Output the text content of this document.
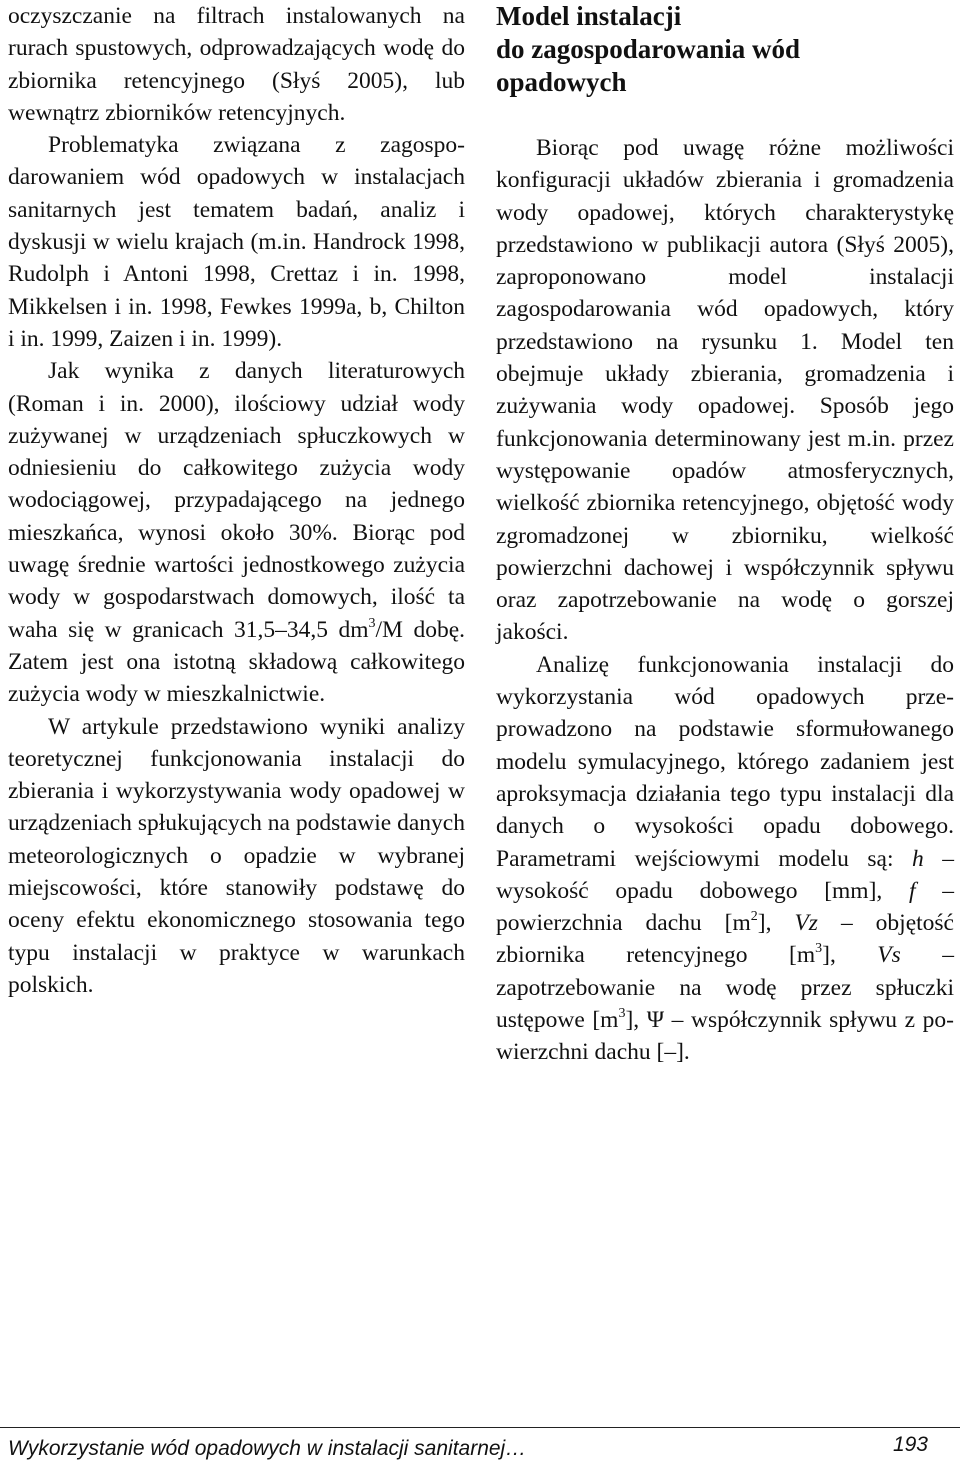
oczyszczanie na filtrach instalowanych na rurach spustowych, odprowadzających wodę do zbiornika retencyjnego (Słyś 2005), lub wewnątrz zbiorników retencyjnych.

Problematyka związana z zagospodarowaniem wód opadowych w instalacjach sanitarnych jest tematem badań, analiz i dyskusji w wielu krajach (m.in. Handrock 1998, Rudolph i Antoni 1998, Crettaz i in. 1998, Mikkelsen i in. 1998, Fewkes 1999a, b, Chilton i in. 1999, Zaizen i in. 1999).

Jak wynika z danych literaturowych (Roman i in. 2000), ilościowy udział wody zużywanej w urządzeniach spłuczkowych w odniesieniu do całkowitego zużycia wody wodociągowej, przypadającego na jednego mieszkańca, wynosi około 30%. Biorąc pod uwagę średnie wartości jednostkowego zużycia wody w gospodarstwach domowych, ilość ta waha się w granicach 31,5–34,5 $dm^3/M$ dobę. Zatem jest ona istotną składową całkowitego zużycia wody w mieszkalnictwie.

W artykule przedstawiono wyniki analizy teoretycznej funkcjonowania instalacji do zbierania i wykorzystywania wody opadowej w urządzeniach spłukujących na podstawie danych meteorologicznych o opadzie w wybranej miejscowości, które stanowiły podstawę do oceny efektu ekonomicznego stosowania tego typu instalacji w praktyce w warunkach polskich.

Model instalacji
do zagospodarowania wód
opadowych

Biorąc pod uwagę różne możliwości konfiguracji układów zbierania i gromadzenia wody opadowej, których charakterystykę przedstawiono w publikacji autora (Słyś 2005), zaproponowano model instalacji zagospodarowania wód opadowych, który przedstawiono na rysunku 1. Model ten obejmuje układy zbierania, gromadzenia i zużywania wody opadowej. Sposób jego funkcjonowania determinowany jest m.in. przez występowanie opadów atmosferycznych, wielkość zbiornika retencyjnego, objętość wody zgromadzonej w zbiorniku, wielkość powierzchni dachowej i współczynnik spływu oraz zapotrzebowanie na wodę o gorszej jakości.

Analizę funkcjonowania instalacji do wykorzystania wód opadowych przeprowadzono na podstawie sformułowanego modelu symulacyjnego, którego zadaniem jest aproksymacja działania tego typu instalacji dla danych o wysokości opadu dobowego. Parametrami wejściowymi modelu są: h – wysokość opadu dobowego [mm], f – powierzchnia dachu $[m^2]$, Vz – objętość zbiornika retencyjnego $[m^3]$, Vs – zapotrzebowanie na wodę przez spłuczki ustępowe $[m^3]$, Ψ – współczynnik spływu z powierzchni dachu [–].

Wykorzystanie wód opadowych w instalacji sanitarnej…	193
